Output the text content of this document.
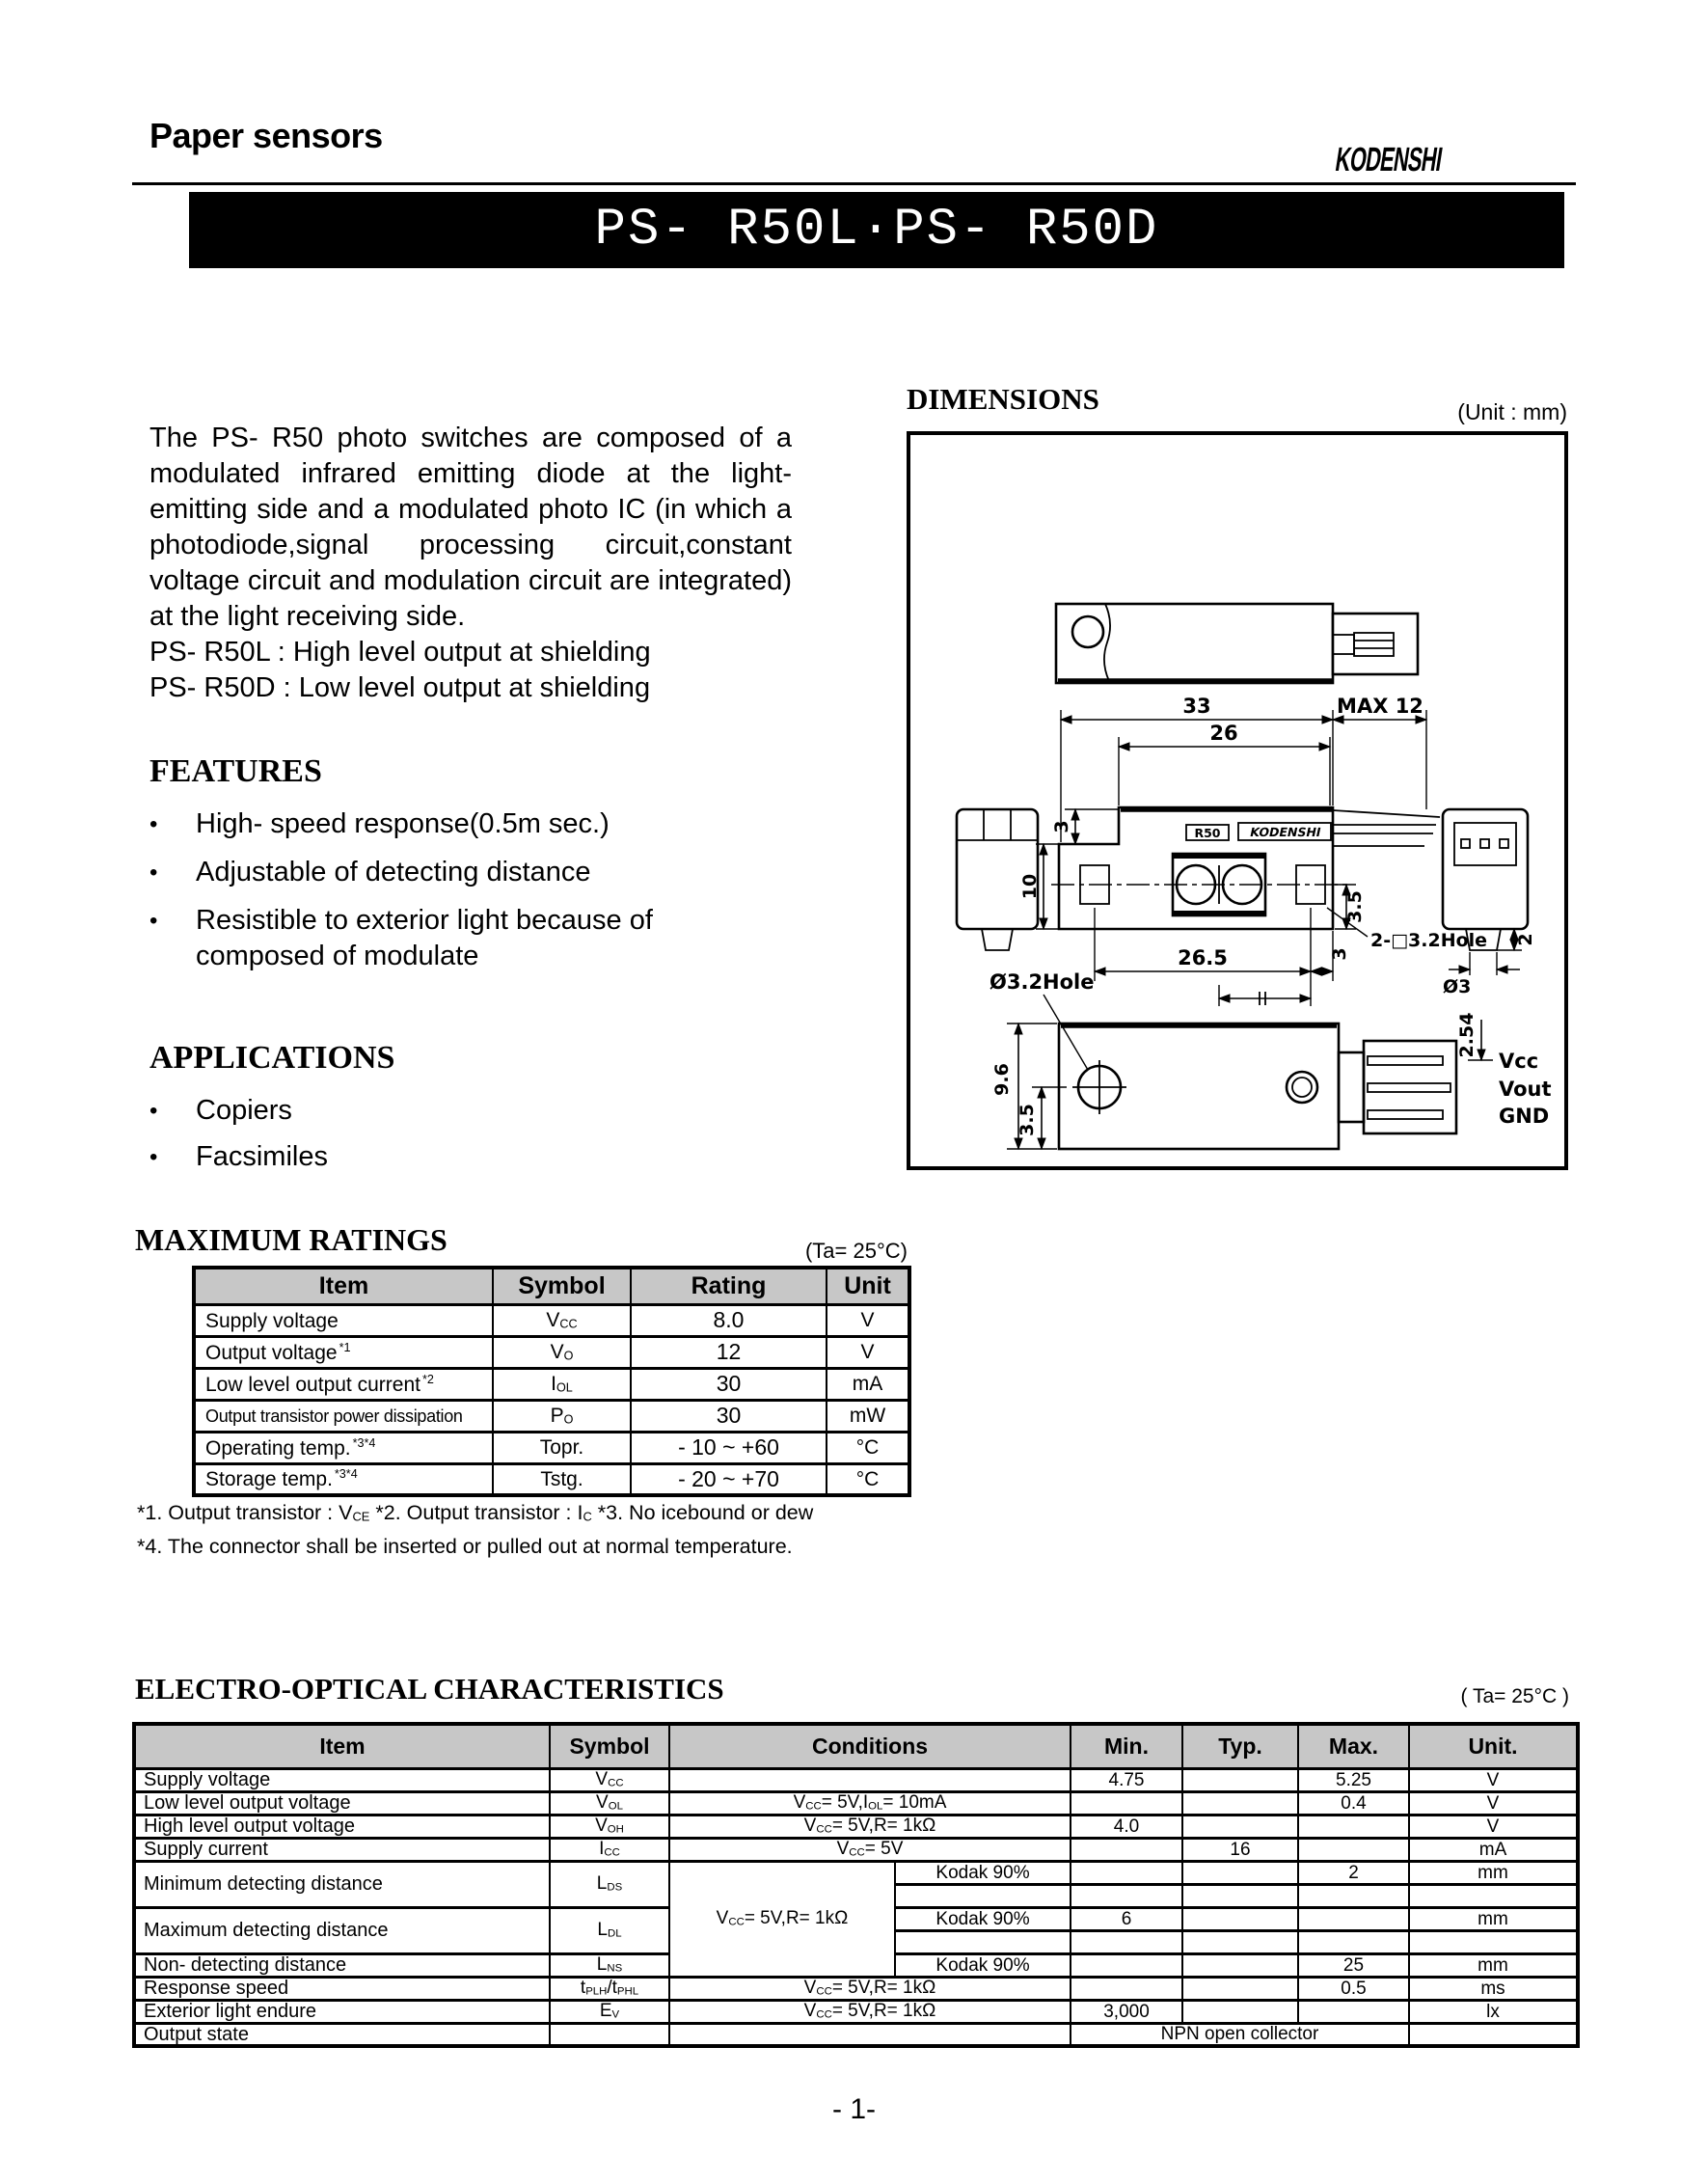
Paper sensors
KODENSHI
PS- R50L·PS- R50D

The PS- R50 photo switches are composed of a modulated infrared emitting diode at the light- emitting side and a modulated photo IC (in which a photodiode,signal processing circuit,constant voltage circuit and modulation circuit are integrated) at the light receiving side.

PS- R50L : High level output at shielding
PS- R50D : Low level output at shielding
FEATURES
•	High- speed response(0.5m sec.)
•	Adjustable of detecting distance
•	Resistible to exterior light because of composed of modulate
APPLICATIONS
•	Copiers
•	Facsimiles
DIMENSIONS	(Unit : mm)
33	MAX 12
26
R50 KODENSHI
3
10
26.5	3
3.5
2-□3.2Hole 2
Ø3
Ø3.2Hole
9.6
3.5
2.54
Vcc
Vout
GND
MAXIMUM RATINGS	(Ta= 25°C)
Item	Symbol	Rating	Unit
Supply voltage	VCC	8.0	V
Output voltage $^{*1}$	VO	12	V
Low level output current $^{*2}$	IOL	30	mA
Output transistor power dissipation	PO	30	mW
Operating temp. $^{*3*4}$	Topr.	- 10 ~ +60	°C
Storage temp. $^{*3*4}$	Tstg.	- 20 ~ +70	°C
*1. Output transistor : VCE *2. Output transistor : IC *3. No icebound or dew
*4. The connector shall be inserted or pulled out at normal temperature.
ELECTRO-OPTICAL CHARACTERISTICS	( Ta= 25°C )
Item	Symbol	Conditions		Min.	Typ.	Max.	Unit.
Supply voltage	VCC			4.75		5.25	V
Low level output voltage	VOL	VCC= 5V,IOL= 10mA				0.4	V
High level output voltage	VOH	VCC= 5V,R= 1kΩ		4.0			V
Supply current	ICC	VCC= 5V			16		mA
Minimum detecting distance	LDS	VCC= 5V,R= 1kΩ	Kodak 90%			2	mm

Maximum detecting distance	LDL		Kodak 90%	6			mm

Non- detecting distance	LNS		Kodak 90%			25	mm
Response speed	tPLH/tPHL	VCC= 5V,R= 1kΩ				0.5	ms
Exterior light endure	EV	VCC= 5V,R= 1kΩ		3,000			lx
Output state				NPN open collector			
- 1-
